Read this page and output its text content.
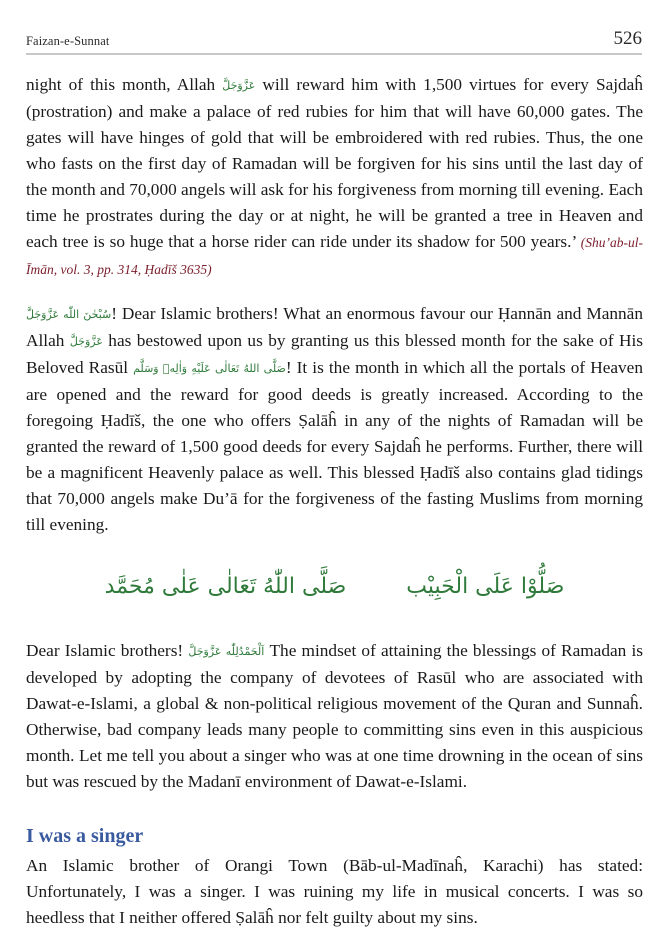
Faizan-e-Sunnat	526

night of this month, Allah عَزَّوَجَلَّ will reward him with 1,500 virtues for every Sajdaĥ (prostration) and make a palace of red rubies for him that will have 60,000 gates. The gates will have hinges of gold that will be embroidered with red rubies. Thus, the one who fasts on the first day of Ramadan will be forgiven for his sins until the last day of the month and 70,000 angels will ask for his forgiveness from morning till evening. Each time he prostrates during the day or at night, he will be granted a tree in Heaven and each tree is so huge that a horse rider can ride under its shadow for 500 years.’ (Shu’ab-ul-Īmān, vol. 3, pp. 314, Ḥadīš 3635)

سُبْحٰنَ اللّٰه عَزَّوَجَلَّ! Dear Islamic brothers! What an enormous favour our Ḥannān and Mannān Allah عَزَّوَجَلَّ has bestowed upon us by granting us this blessed month for the sake of His Beloved Rasūl صَلَّى اللهُ تَعَالٰى عَلَيْهِ وَاٰلِهٖ وَسَلَّم! It is the month in which all the portals of Heaven are opened and the reward for good deeds is greatly increased. According to the foregoing Ḥadīš, the one who offers Ṣalāĥ in any of the nights of Ramadan will be granted the reward of 1,500 good deeds for every Sajdaĥ he performs. Further, there will be a magnificent Heavenly palace as well. This blessed Ḥadīš also contains glad tidings that 70,000 angels make Du’ā for the forgiveness of the fasting Muslims from morning till evening.

صَلُّوْا عَلَى الْحَبِيْب
صَلَّى اللّٰهُ تَعَالٰى عَلٰى مُحَمَّد

Dear Islamic brothers! اَلْحَمْدُلِلّٰه عَزَّوَجَلَّ The mindset of attaining the blessings of Ramadan is developed by adopting the company of devotees of Rasūl who are associated with Dawat-e-Islami, a global & non-political religious movement of the Quran and Sunnaĥ. Otherwise, bad company leads many people to committing sins even in this auspicious month. Let me tell you about a singer who was at one time drowning in the ocean of sins but was rescued by the Madanī environment of Dawat-e-Islami.

I was a singer

An Islamic brother of Orangi Town (Bāb-ul-Madīnaĥ, Karachi) has stated: Unfortunately, I was a singer. I was ruining my life in musical concerts. I was so heedless that I neither offered Ṣalāĥ nor felt guilty about my sins.
